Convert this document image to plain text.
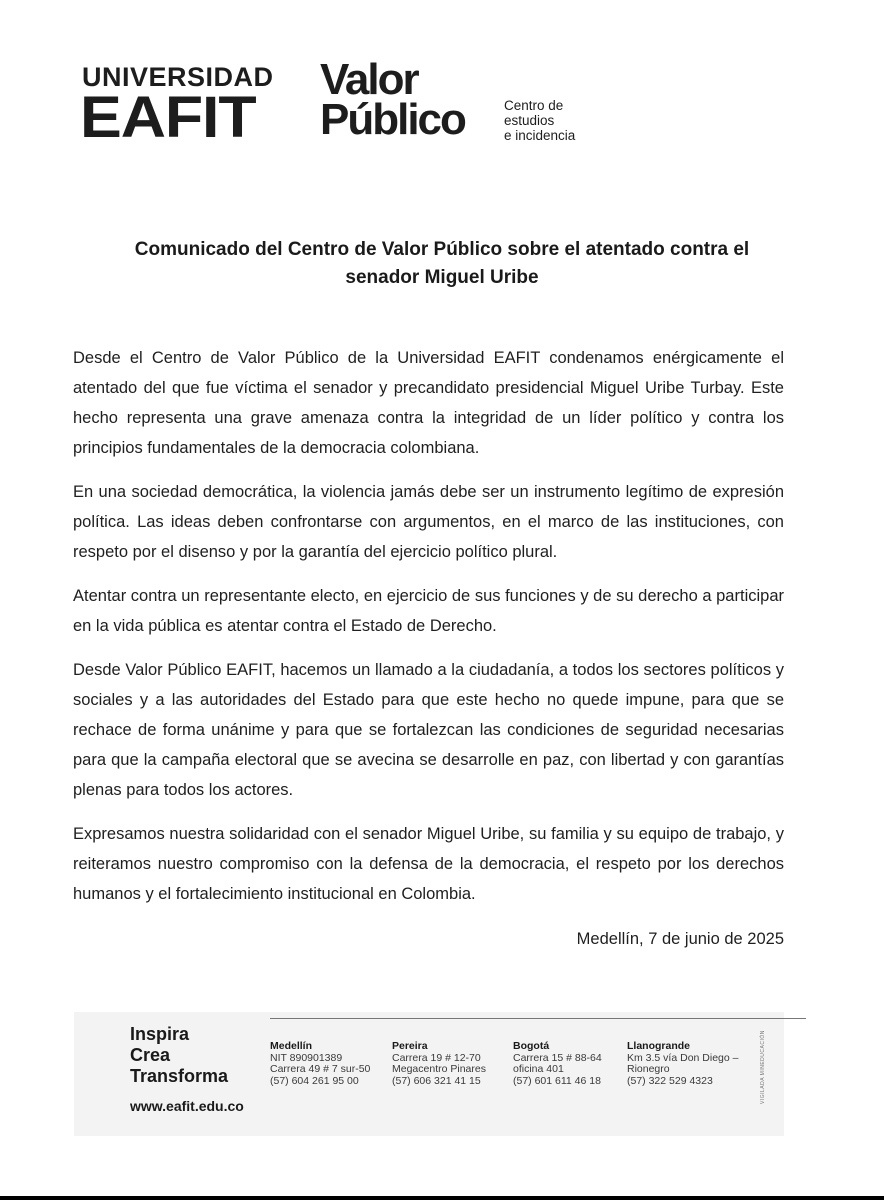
UNIVERSIDAD
EAFIT
Valor
Público	Centro de
estudios
e incidencia
Comunicado del Centro de Valor Público sobre el atentado contra el
senador Miguel Uribe

Desde el Centro de Valor Público de la Universidad EAFIT condenamos enérgicamente el atentado del que fue víctima el senador y precandidato presidencial Miguel Uribe Turbay. Este hecho representa una grave amenaza contra la integridad de un líder político y contra los principios fundamentales de la democracia colombiana.

En una sociedad democrática, la violencia jamás debe ser un instrumento legítimo de expresión política. Las ideas deben confrontarse con argumentos, en el marco de las instituciones, con respeto por el disenso y por la garantía del ejercicio político plural.

Atentar contra un representante electo, en ejercicio de sus funciones y de su derecho a participar en la vida pública es atentar contra el Estado de Derecho.

Desde Valor Público EAFIT, hacemos un llamado a la ciudadanía, a todos los sectores políticos y sociales y a las autoridades del Estado para que este hecho no quede impune, para que se rechace de forma unánime y para que se fortalezcan las condiciones de seguridad necesarias para que la campaña electoral que se avecina se desarrolle en paz, con libertad y con garantías plenas para todos los actores.

Expresamos nuestra solidaridad con el senador Miguel Uribe, su familia y su equipo de trabajo, y reiteramos nuestro compromiso con la defensa de la democracia, el respeto por los derechos humanos y el fortalecimiento institucional en Colombia.

Medellín, 7 de junio de 2025
Inspira
Crea
Transforma
www.eafit.edu.co
Medellín
NIT 890901389
Carrera 49 # 7 sur-50
(57) 604 261 95 00
Pereira
Carrera 19 # 12-70
Megacentro Pinares
(57) 606 321 41 15
Bogotá
Carrera 15 # 88-64
oficina 401
(57) 601 611 46 18
Llanogrande
Km 3.5 vía Don Diego –
Rionegro
(57) 322 529 4323	VIGILADA MINEDUCACIÓN
